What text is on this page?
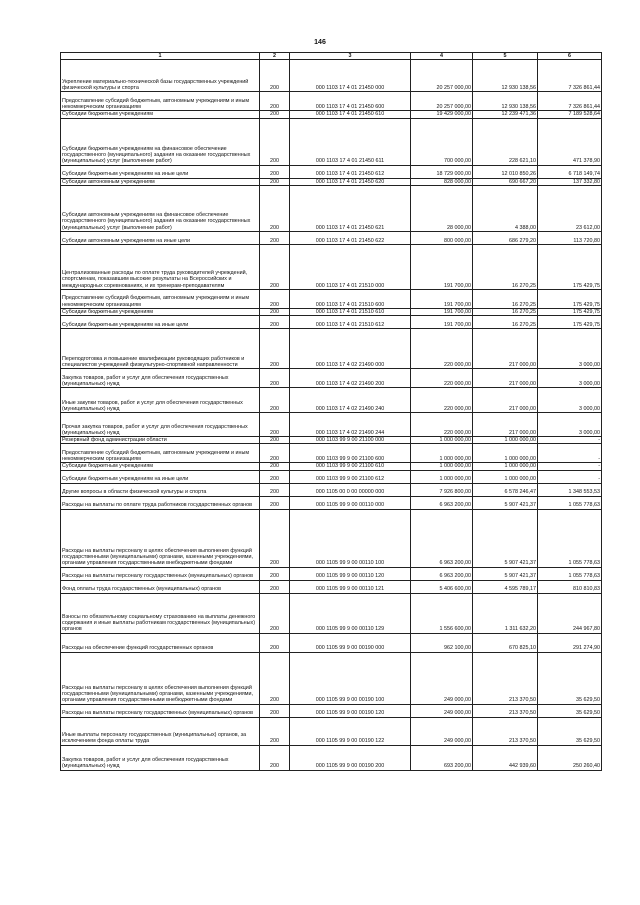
146
1	2	3	4	5	6
Укрепление материально-технической базы государственных учреждений физической культуры и спорта	200	000 1103 17 4 01 21450 000	20 257 000,00	12 930 138,56	7 326 861,44
Предоставление субсидий бюджетным, автономным учреждениям и иным некоммерческим организациям	200	000 1103 17 4 01 21450 600	20 257 000,00	12 930 138,56	7 326 861,44
Субсидии бюджетным учреждениям	200	000 1103 17 4 01 21450 610	19 429 000,00	12 239 471,36	7 189 528,64
Субсидии бюджетным учреждениям на финансовое обеспечение государственного (муниципального) задания на оказание государственных (муниципальных) услуг (выполнение работ)	200	000 1103 17 4 01 21450 611	700 000,00	228 621,10	471 378,90
Субсидии бюджетным учреждениям на иные цели	200	000 1103 17 4 01 21450 612	18 729 000,00	12 010 850,26	6 718 149,74
Субсидии автономным учреждениям	200	000 1103 17 4 01 21450 620	828 000,00	690 667,20	137 332,80
Субсидии автономным учреждениям на финансовое обеспечение государственного (муниципального) задания на оказание государственных (муниципальных) услуг (выполнение работ)	200	000 1103 17 4 01 21450 621	28 000,00	4 388,00	23 612,00
Субсидии автономным учреждениям на иные цели	200	000 1103 17 4 01 21450 622	800 000,00	686 279,20	113 720,80
Централизованные расходы по оплате труда руководителей учреждений, спортсменам, показавшим высокие результаты на Всероссийских и международных соревнованиях, и их тренерам-преподавателям	200	000 1103 17 4 01 21510 000	191 700,00	16 270,25	175 429,75
Предоставление субсидий бюджетным, автономным учреждениям и иным некоммерческим организациям	200	000 1103 17 4 01 21510 600	191 700,00	16 270,25	175 429,75
Субсидии бюджетным учреждениям	200	000 1103 17 4 01 21510 610	191 700,00	16 270,25	175 429,75
Субсидии бюджетным учреждениям на иные цели	200	000 1103 17 4 01 21510 612	191 700,00	16 270,25	175 429,75
Переподготовка и повышение квалификации руководящих работников и специалистов учреждений физкультурно-спортивной направленности	200	000 1103 17 4 02 21490 000	220 000,00	217 000,00	3 000,00
Закупка товаров, работ и услуг для обеспечения государственных (муниципальных) нужд	200	000 1103 17 4 02 21490 200	220 000,00	217 000,00	3 000,00
Иные закупки товаров, работ и услуг для обеспечения государственных (муниципальных) нужд	200	000 1103 17 4 02 21490 240	220 000,00	217 000,00	3 000,00
Прочая закупка товаров, работ и услуг для обеспечения государственных (муниципальных) нужд	200	000 1103 17 4 02 21490 244	220 000,00	217 000,00	3 000,00
Резервный фонд администрации области	200	000 1103 99 9 00 21100 000	1 000 000,00	1 000 000,00	-
Предоставление субсидий бюджетным, автономным учреждениям и иным некоммерческим организациям	200	000 1103 99 9 00 21100 600	1 000 000,00	1 000 000,00	-
Субсидии бюджетным учреждениям	200	000 1103 99 9 00 21100 610	1 000 000,00	1 000 000,00	-
Субсидии бюджетным учреждениям на иные цели	200	000 1103 99 9 00 21100 612	1 000 000,00	1 000 000,00	-
Другие вопросы в области физической культуры и спорта	200	000 1105 00 0 00 00000 000	7 926 800,00	6 578 246,47	1 348 553,53
Расходы на выплаты по оплате труда работников государственных органов	200	000 1105 99 9 00 00110 000	6 963 200,00	5 907 421,37	1 055 778,63
Расходы на выплаты персоналу в целях обеспечения выполнения функций государственными (муниципальными) органами, казенными учреждениями, органами управления государственными внебюджетными фондами	200	000 1105 99 9 00 00110 100	6 963 200,00	5 907 421,37	1 055 778,63
Расходы на выплаты персоналу государственных (муниципальных) органов	200	000 1105 99 9 00 00110 120	6 963 200,00	5 907 421,37	1 055 778,63
Фонд оплаты труда государственных (муниципальных) органов	200	000 1105 99 9 00 00110 121	5 406 600,00	4 595 789,17	810 810,83
Взносы по обязательному социальному страхованию на выплаты денежного содержания и иные выплаты работникам государственных (муниципальных) органов	200	000 1105 99 9 00 00110 129	1 556 600,00	1 311 632,20	244 967,80
Расходы на обеспечение функций государственных органов	200	000 1105 99 9 00 00190 000	962 100,00	670 825,10	291 274,90
Расходы на выплаты персоналу в целях обеспечения выполнения функций государственными (муниципальными) органами, казенными учреждениями, органами управления государственными внебюджетными фондами	200	000 1105 99 9 00 00190 100	249 000,00	213 370,50	35 629,50
Расходы на выплаты персоналу государственных (муниципальных) органов	200	000 1105 99 9 00 00190 120	249 000,00	213 370,50	35 629,50
Иные выплаты персоналу государственных (муниципальных) органов, за исключением фонда оплаты труда	200	000 1105 99 9 00 00190 122	249 000,00	213 370,50	35 629,50
Закупка товаров, работ и услуг для обеспечения государственных (муниципальных) нужд	200	000 1105 99 9 00 00190 200	693 200,00	442 939,60	250 260,40
